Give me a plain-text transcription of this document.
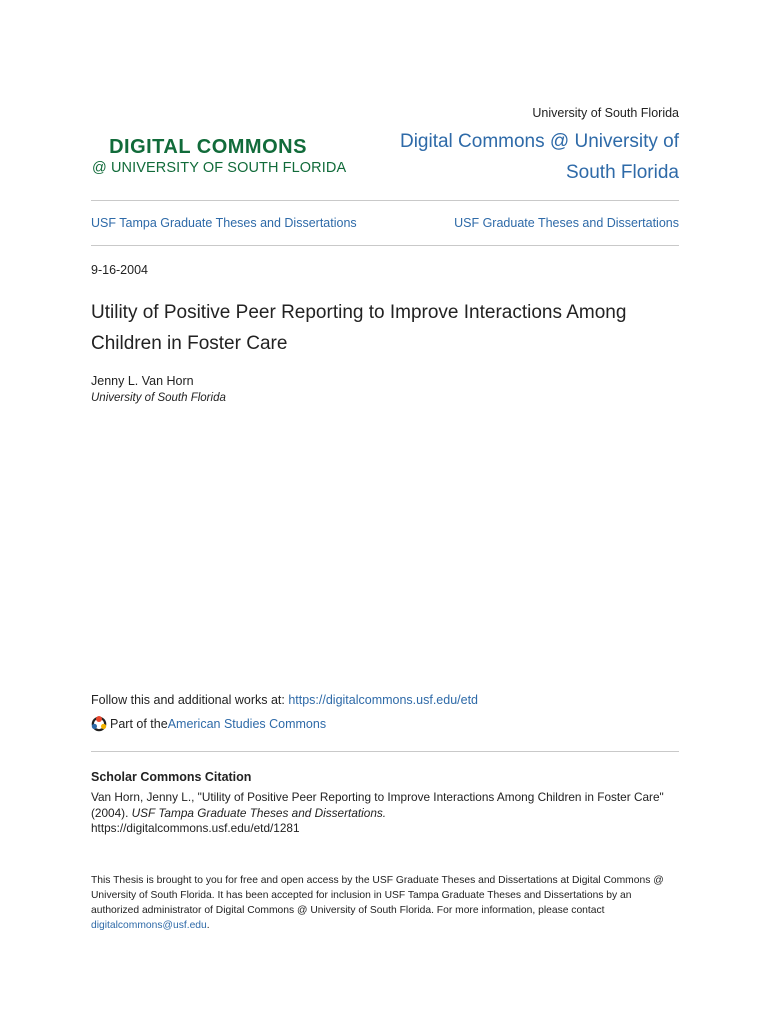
DIGITAL COMMONS
@ UNIVERSITY OF SOUTH FLORIDA
University of South Florida
Digital Commons @ University of South Florida
USF Tampa Graduate Theses and Dissertations	USF Graduate Theses and Dissertations
9-16-2004
Utility of Positive Peer Reporting to Improve Interactions Among Children in Foster Care
Jenny L. Van Horn
University of South Florida
Follow this and additional works at: https://digitalcommons.usf.edu/etd
Part of the American Studies Commons
Scholar Commons Citation
Van Horn, Jenny L., "Utility of Positive Peer Reporting to Improve Interactions Among Children in Foster Care" (2004). USF Tampa Graduate Theses and Dissertations.
https://digitalcommons.usf.edu/etd/1281
This Thesis is brought to you for free and open access by the USF Graduate Theses and Dissertations at Digital Commons @ University of South Florida. It has been accepted for inclusion in USF Tampa Graduate Theses and Dissertations by an authorized administrator of Digital Commons @ University of South Florida. For more information, please contact digitalcommons@usf.edu.
